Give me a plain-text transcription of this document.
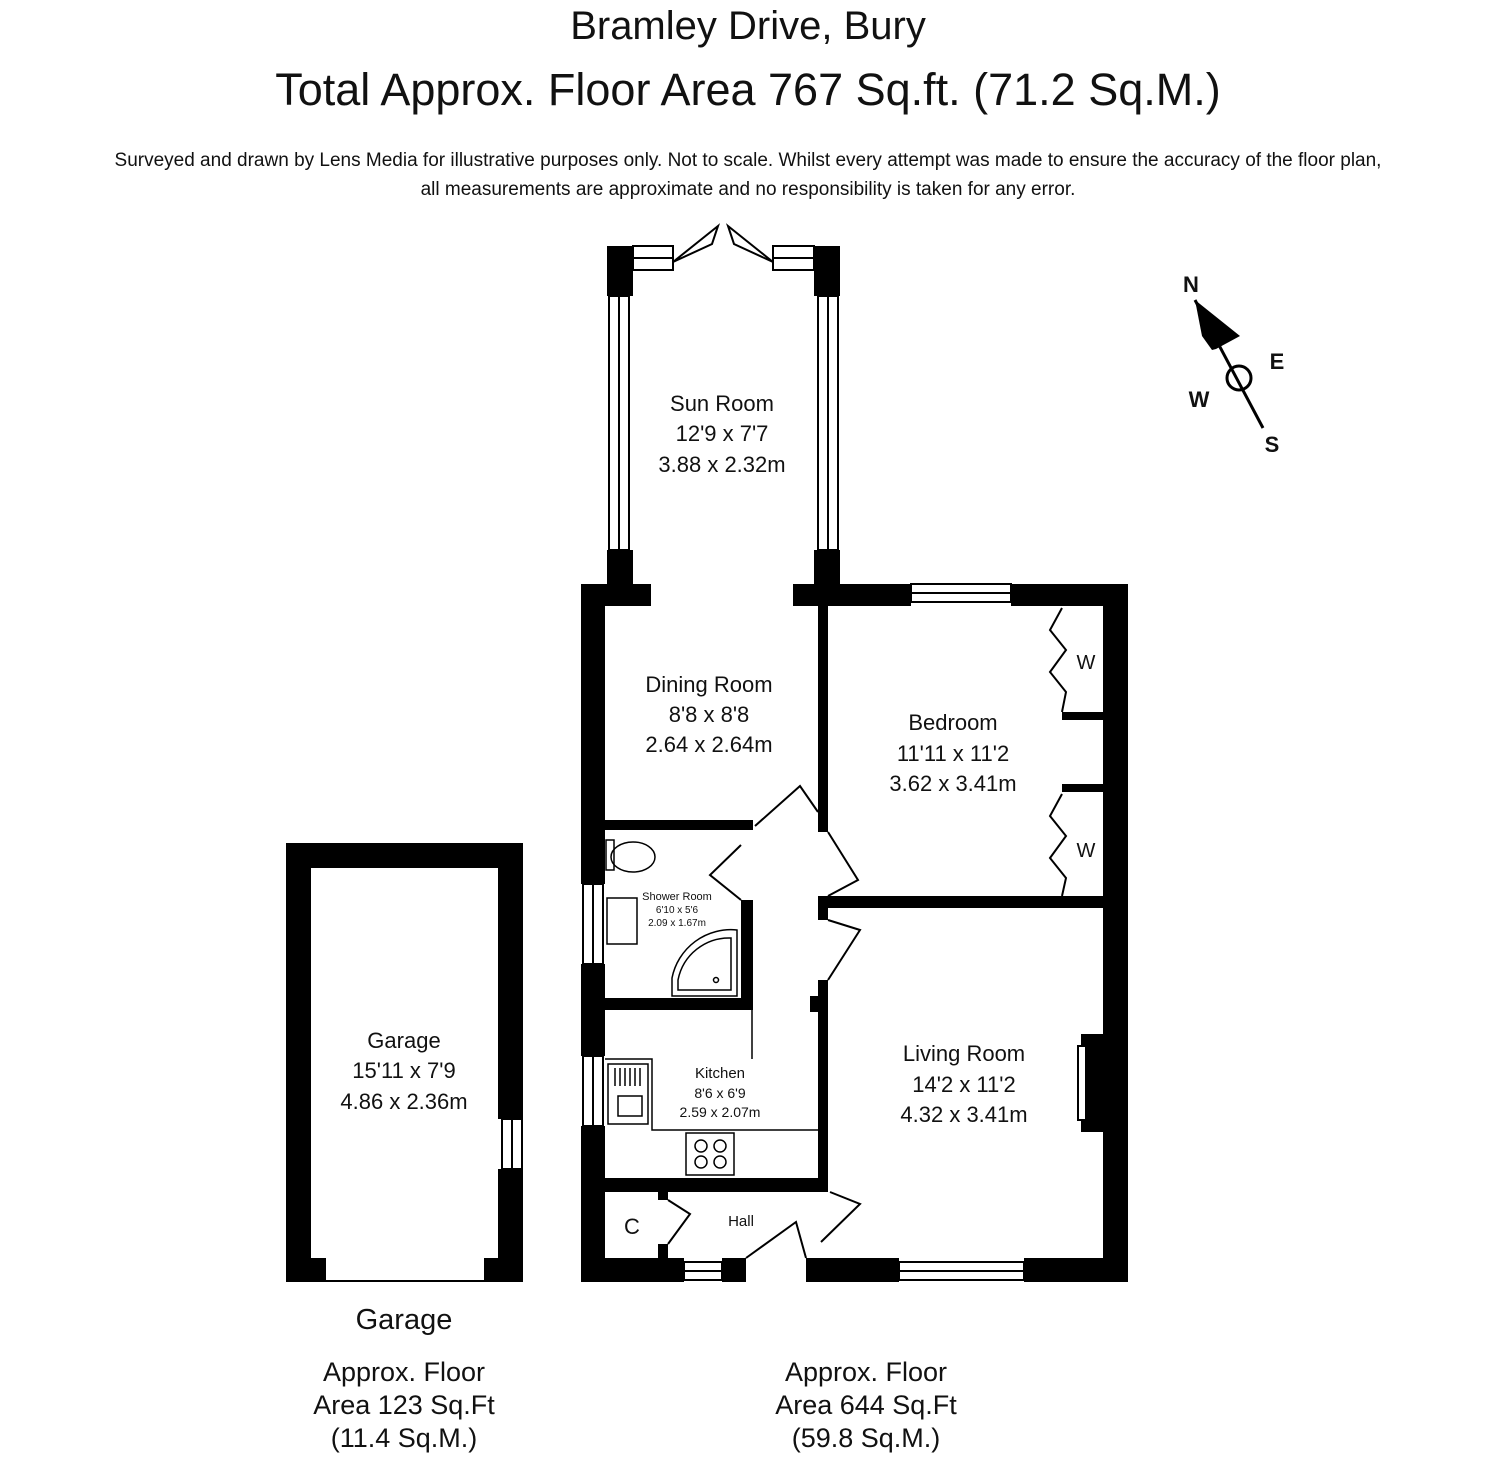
Bramley Drive, Bury
Total Approx. Floor Area 767 Sq.ft. (71.2 Sq.M.)
Surveyed and drawn by Lens Media for illustrative purposes only. Not to scale. Whilst every attempt was made to ensure the accuracy of the floor plan,
all measurements are approximate and no responsibility is taken for any error.
N
E
W
S
Sun Room
12'9 x 7'7
3.88 x 2.32m
Dining Room
8'8 x 8'8
2.64 x 2.64m
Bedroom
11'11 x 11'2
3.62 x 3.41m
W
W
Shower Room
6'10 x 5'6
2.09 x 1.67m
Kitchen
8'6 x 6'9
2.59 x 2.07m
Living Room
14'2 x 11'2
4.32 x 3.41m
Hall
C
Garage
15'11 x 7'9
4.86 x 2.36m
Garage
Approx. Floor
Area 123 Sq.Ft
(11.4 Sq.M.)
Approx. Floor
Area 644 Sq.Ft
(59.8 Sq.M.)
